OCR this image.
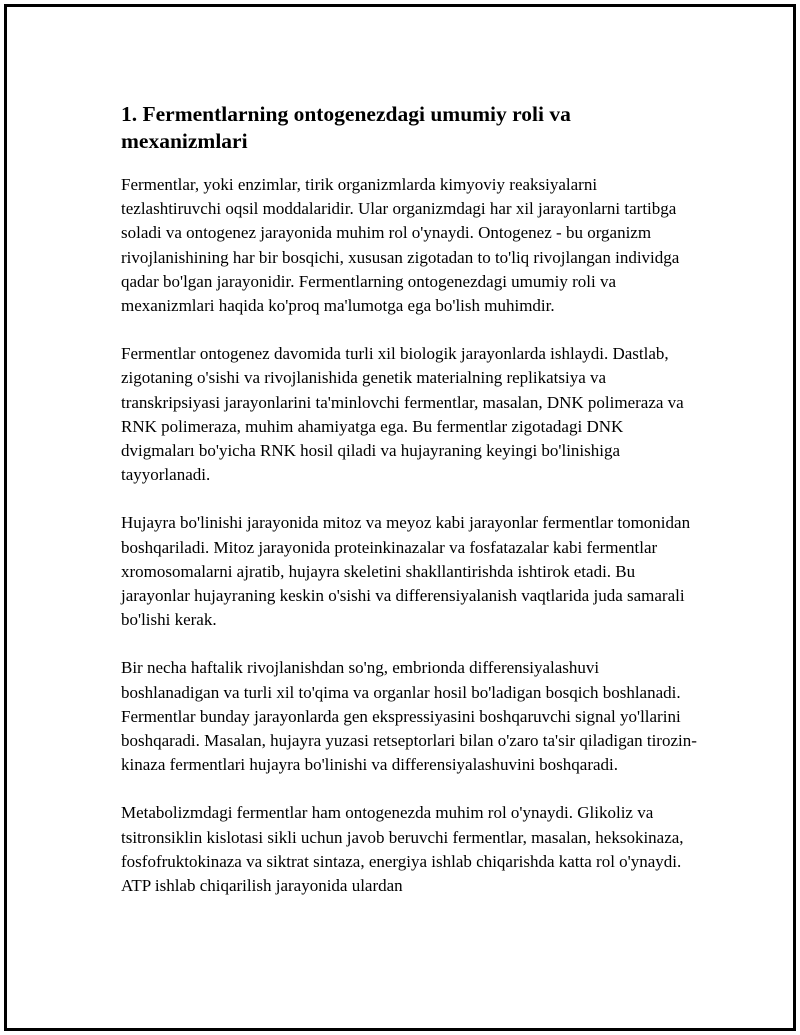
1. Fermentlarning ontogenezdagi umumiy roli va mexanizmlari

Fermentlar, yoki enzimlar, tirik organizmlarda kimyoviy reaksiyalarni tezlashtiruvchi oqsil moddalaridir. Ular organizmdagi har xil jarayonlarni tartibga soladi va ontogenez jarayonida muhim rol o'ynaydi. Ontogenez - bu organizm rivojlanishining har bir bosqichi, xususan zigotadan to to'liq rivojlangan individga qadar bo'lgan jarayonidir. Fermentlarning ontogenezdagi umumiy roli va mexanizmlari haqida ko'proq ma'lumotga ega bo'lish muhimdir.

Fermentlar ontogenez davomida turli xil biologik jarayonlarda ishlaydi. Dastlab, zigotaning o'sishi va rivojlanishida genetik materialning replikatsiya va transkripsiyasi jarayonlarini ta'minlovchi fermentlar, masalan, DNK polimeraza va RNK polimeraza, muhim ahamiyatga ega. Bu fermentlar zigotadagi DNK dvigmaları bo'yicha RNK hosil qiladi va hujayraning keyingi bo'linishiga tayyorlanadi.

Hujayra bo'linishi jarayonida mitoz va meyoz kabi jarayonlar fermentlar tomonidan boshqariladi. Mitoz jarayonida proteinkinazalar va fosfatazalar kabi fermentlar xromosomalarni ajratib, hujayra skeletini shakllantirishda ishtirok etadi. Bu jarayonlar hujayraning keskin o'sishi va differensiyalanish vaqtlarida juda samarali bo'lishi kerak.

Bir necha haftalik rivojlanishdan so'ng, embrionda differensiyalashuvi boshlanadigan va turli xil to'qima va organlar hosil bo'ladigan bosqich boshlanadi. Fermentlar bunday jarayonlarda gen ekspressiyasini boshqaruvchi signal yo'llarini boshqaradi. Masalan, hujayra yuzasi retseptorlari bilan o'zaro ta'sir qiladigan tirozin-kinaza fermentlari hujayra bo'linishi va differensiyalashuvini boshqaradi.

Metabolizmdagi fermentlar ham ontogenezda muhim rol o'ynaydi. Glikoliz va tsitronsiklin kislotasi sikli uchun javob beruvchi fermentlar, masalan, heksokinaza, fosfofruktokinaza va siktrat sintaza, energiya ishlab chiqarishda katta rol o'ynaydi. ATP ishlab chiqarilish jarayonida ulardan
